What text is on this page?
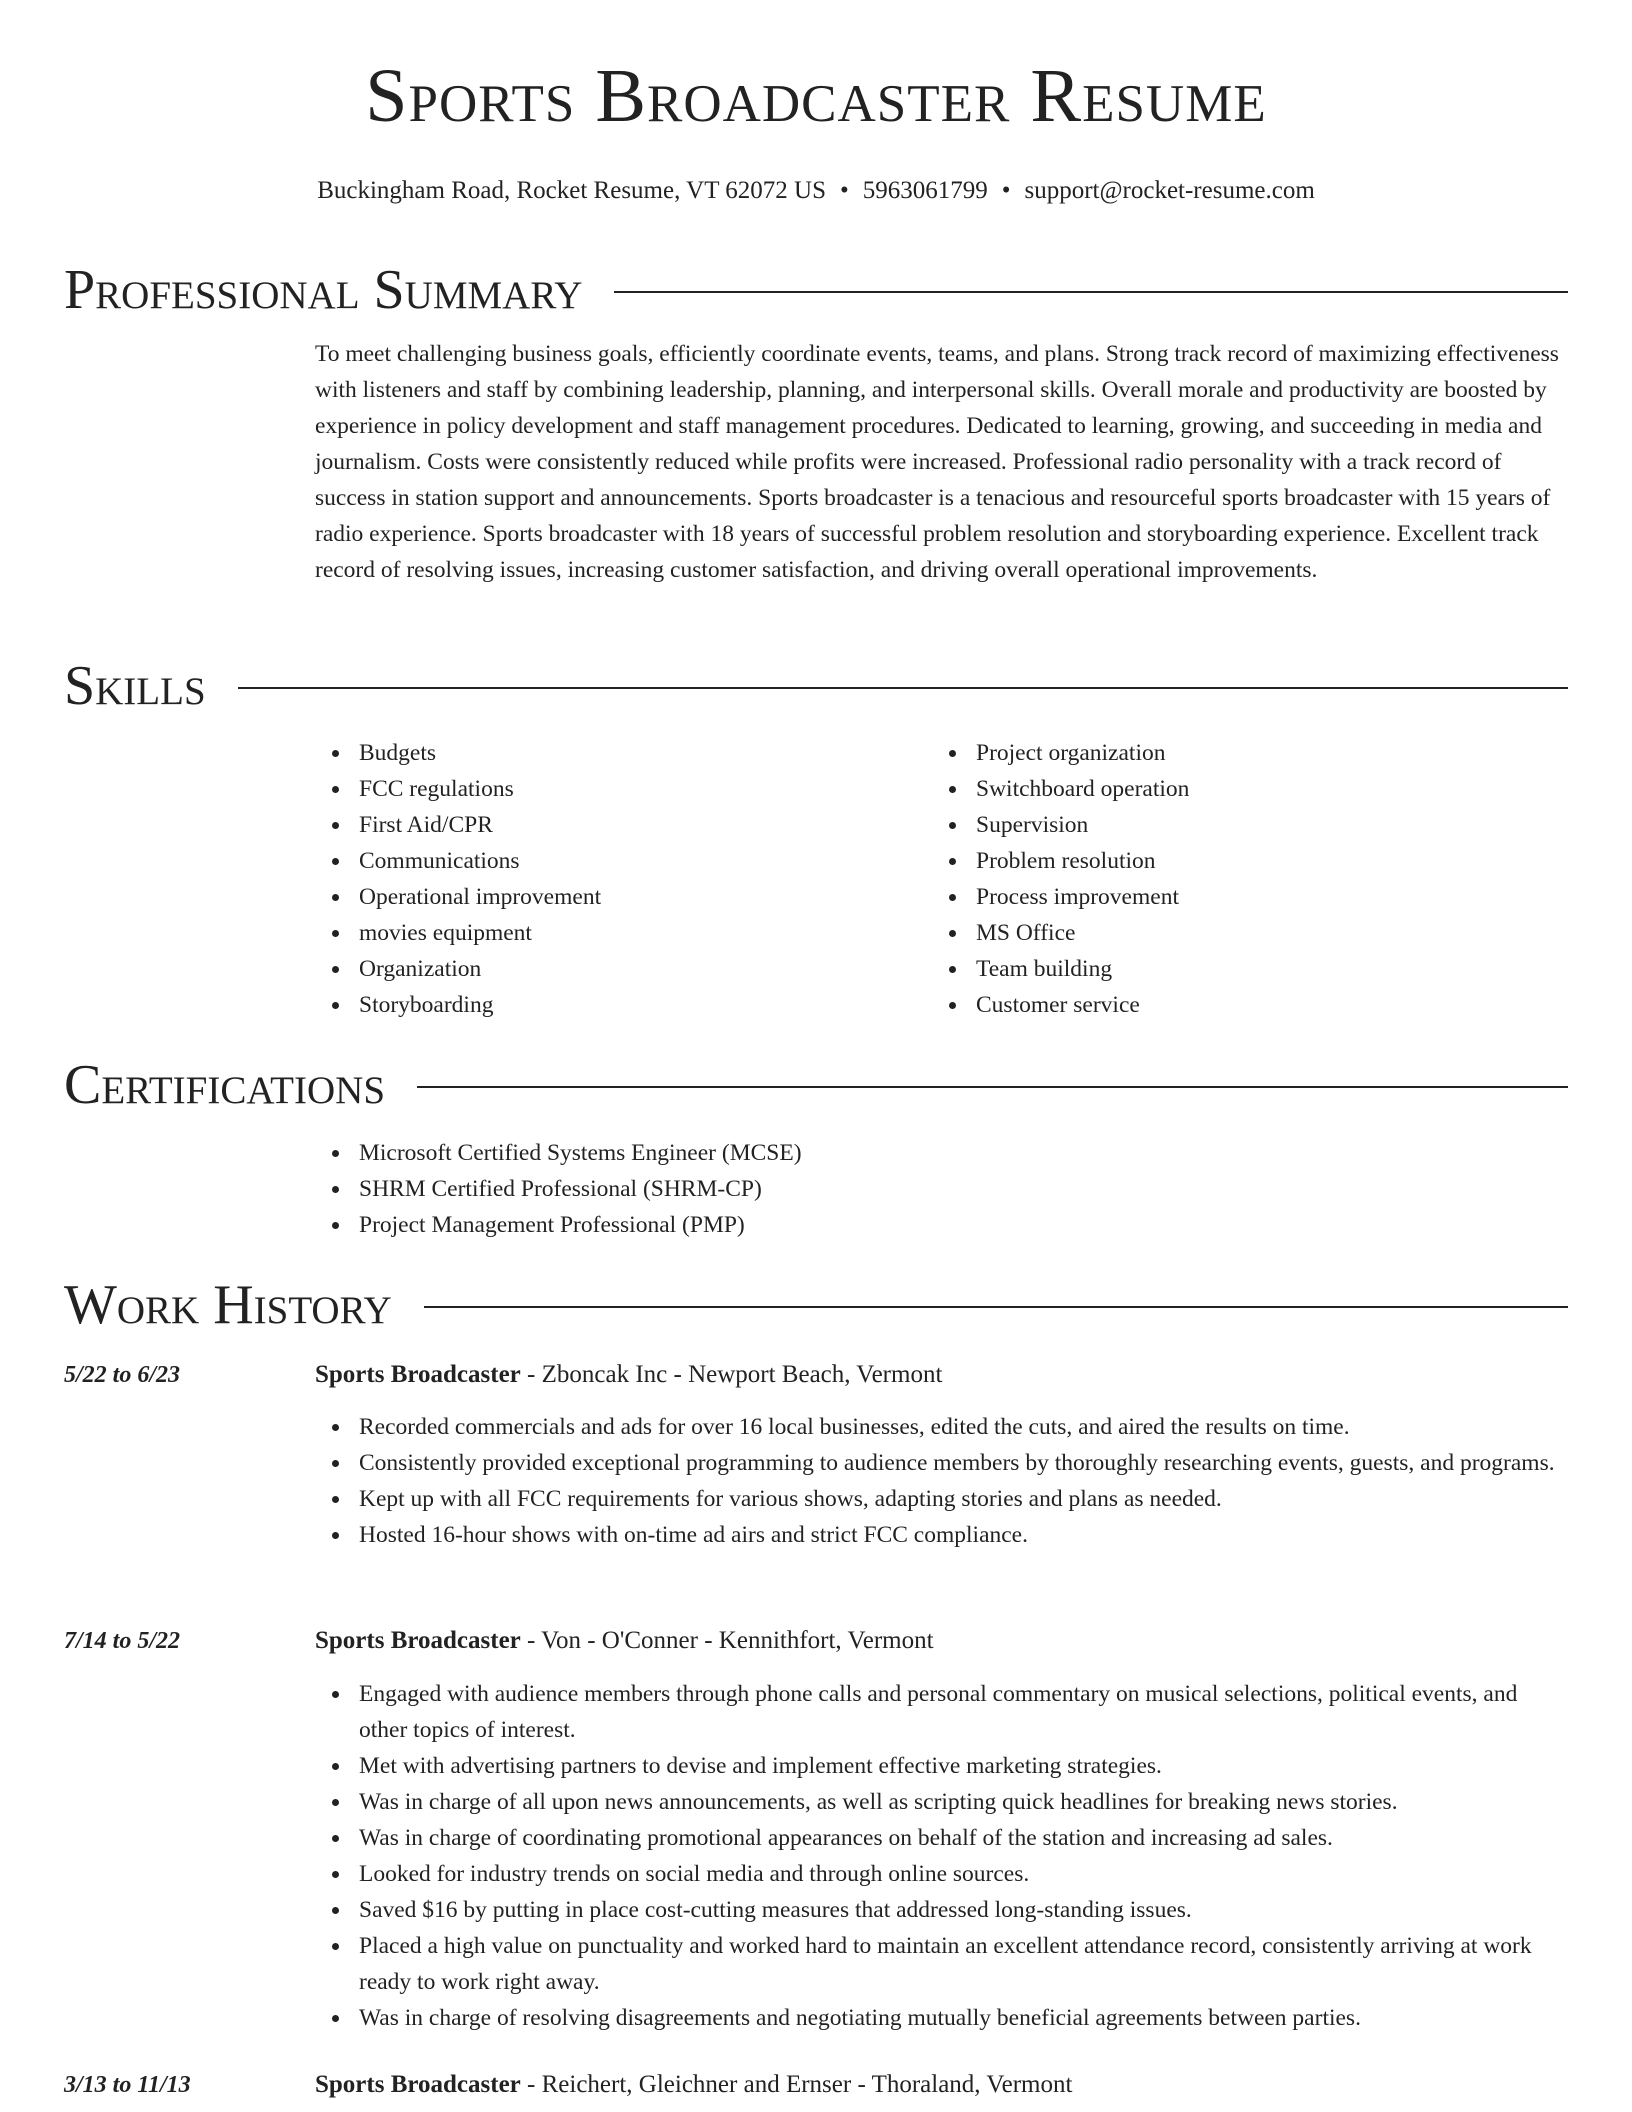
Sports Broadcaster Resume
Buckingham Road, Rocket Resume, VT 62072 US • 5963061799 • support@rocket-resume.com
Professional Summary

To meet challenging business goals, efficiently coordinate events, teams, and plans. Strong track record of maximizing effectiveness with listeners and staff by combining leadership, planning, and interpersonal skills. Overall morale and productivity are boosted by experience in policy development and staff management procedures. Dedicated to learning, growing, and succeeding in media and journalism. Costs were consistently reduced while profits were increased. Professional radio personality with a track record of success in station support and announcements. Sports broadcaster is a tenacious and resourceful sports broadcaster with 15 years of radio experience. Sports broadcaster with 18 years of successful problem resolution and storyboarding experience. Excellent track record of resolving issues, increasing customer satisfaction, and driving overall operational improvements.

Skills
Budgets
FCC regulations
First Aid/CPR
Communications
Operational improvement
movies equipment
Organization
Storyboarding
Project organization
Switchboard operation
Supervision
Problem resolution
Process improvement
MS Office
Team building
Customer service
Certifications
Microsoft Certified Systems Engineer (MCSE)
SHRM Certified Professional (SHRM-CP)
Project Management Professional (PMP)
Work History
5/22 to 6/23	Sports Broadcaster - Zboncak Inc - Newport Beach, Vermont
Recorded commercials and ads for over 16 local businesses, edited the cuts, and aired the results on time.
Consistently provided exceptional programming to audience members by thoroughly researching events, guests, and programs.
Kept up with all FCC requirements for various shows, adapting stories and plans as needed.
Hosted 16-hour shows with on-time ad airs and strict FCC compliance.
7/14 to 5/22	Sports Broadcaster - Von - O'Conner - Kennithfort, Vermont
Engaged with audience members through phone calls and personal commentary on musical selections, political events, and other topics of interest.
Met with advertising partners to devise and implement effective marketing strategies.
Was in charge of all upon news announcements, as well as scripting quick headlines for breaking news stories.
Was in charge of coordinating promotional appearances on behalf of the station and increasing ad sales.
Looked for industry trends on social media and through online sources.
Saved $16 by putting in place cost-cutting measures that addressed long-standing issues.
Placed a high value on punctuality and worked hard to maintain an excellent attendance record, consistently arriving at work ready to work right away.
Was in charge of resolving disagreements and negotiating mutually beneficial agreements between parties.
3/13 to 11/13	Sports Broadcaster - Reichert, Gleichner and Ernser - Thoraland, Vermont
